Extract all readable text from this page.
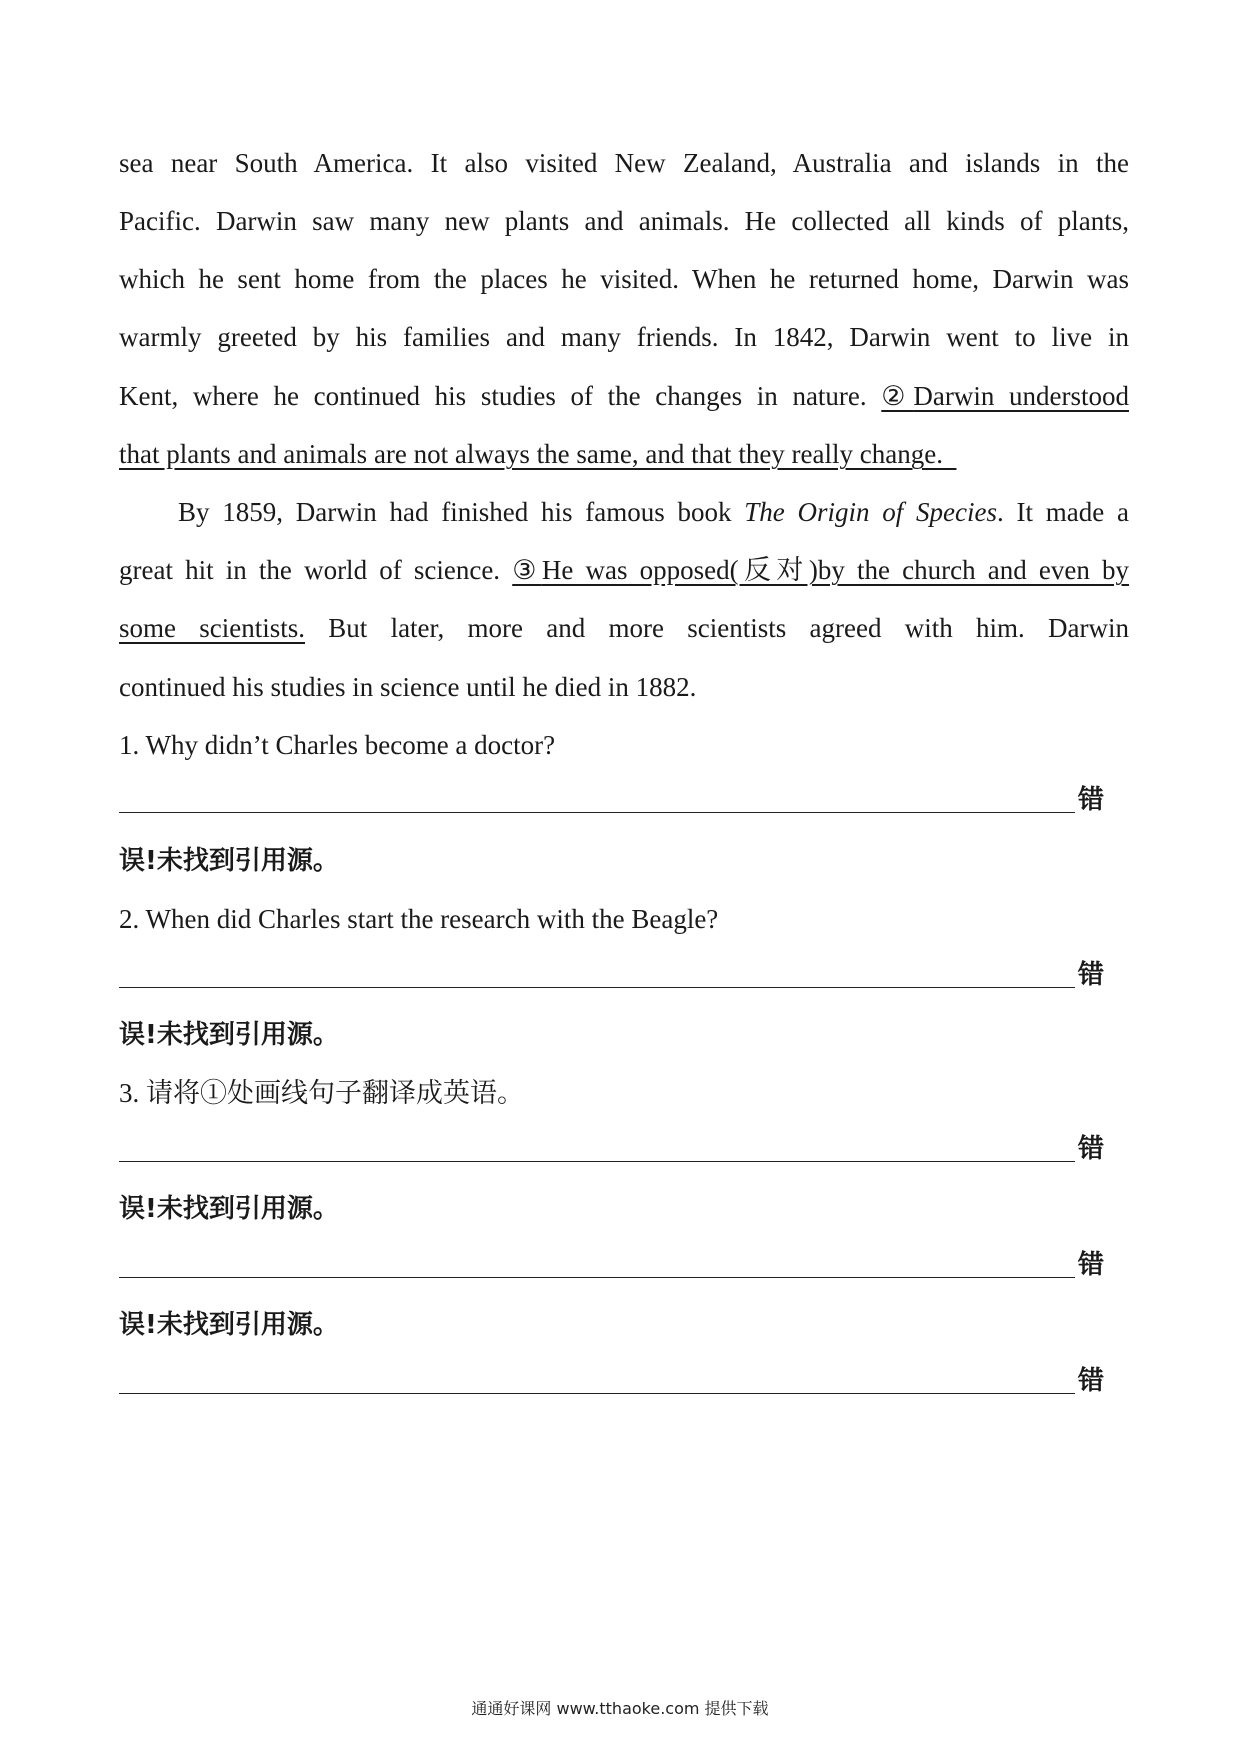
sea near South America. It also visited New Zealand, Australia and islands in the
Pacific. Darwin saw many new plants and animals. He collected all kinds of plants,
which he sent home from the places he visited. When he returned home, Darwin was
warmly greeted by his families and many friends. In 1842, Darwin went to live in
Kent, where he continued his studies of the changes in nature. ②Darwin understood
that plants and animals are not always the same, and that they really change.
By 1859, Darwin had finished his famous book The Origin of Species. It made a
great hit in the world of science. ③He was opposed(反对)by the church and even by
some scientists. But later, more and more scientists agreed with him. Darwin
continued his studies in science until he died in 1882.
1. Why didn’t Charles become a doctor?
错
误!未找到引用源。
2. When did Charles start the research with the Beagle?
错
误!未找到引用源。
3. 请将①处画线句子翻译成英语。
错
误!未找到引用源。
错
误!未找到引用源。
错
通通好课网 www.tthaoke.com 提供下载
